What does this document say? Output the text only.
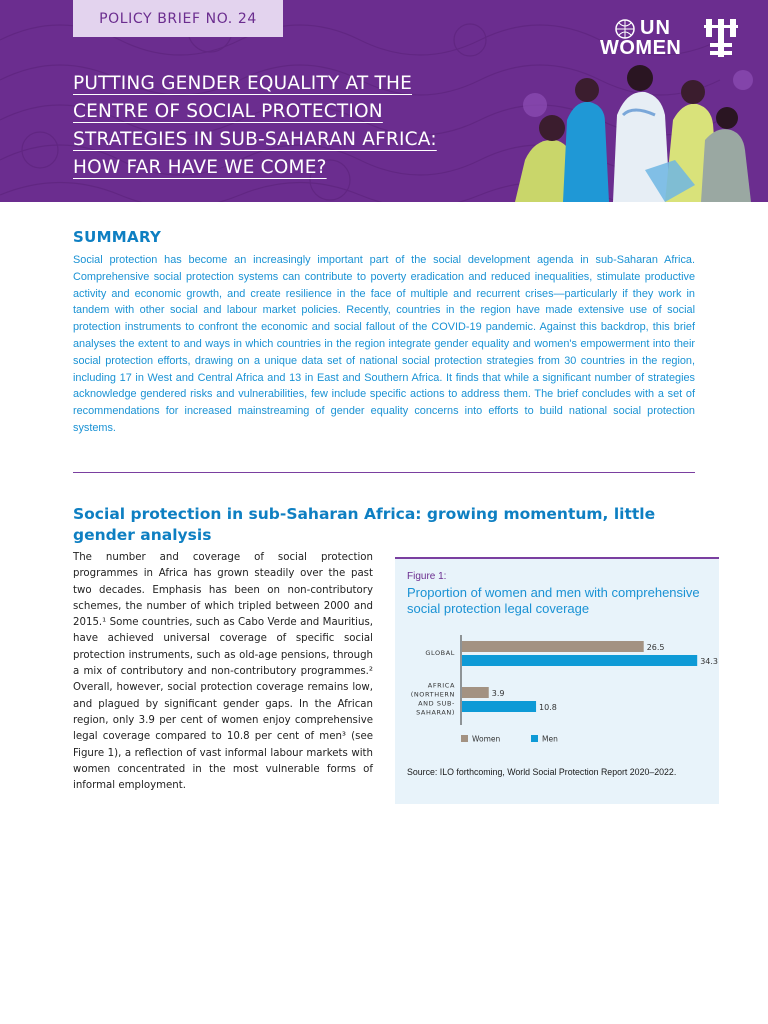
POLICY BRIEF NO. 24
PUTTING GENDER EQUALITY AT THE
CENTRE OF SOCIAL PROTECTION
STRATEGIES IN SUB-SAHARAN AFRICA:
HOW FAR HAVE WE COME?
UN
WOMEN
SUMMARY

Social protection has become an increasingly important part of the social development agenda in sub-Saharan Africa. Comprehensive social protection systems can contribute to poverty eradication and reduced inequalities, stimulate productive activity and economic growth, and create resilience in the face of multiple and recurrent crises—particularly if they work in tandem with other social and labour market policies. Recently, countries in the region have made extensive use of social protection instruments to confront the economic and social fallout of the COVID-19 pandemic. Against this backdrop, this brief analyses the extent to and ways in which countries in the region integrate gender equality and women's empowerment into their social protection efforts, drawing on a unique data set of national social protection strategies from 30 countries in the region, including 17 in West and Central Africa and 13 in East and Southern Africa. It finds that while a significant number of strategies acknowledge gendered risks and vulnerabilities, few include specific actions to address them. The brief concludes with a set of recommendations for increased mainstreaming of gender equality concerns into efforts to build national social protection systems.

Social protection in sub-Saharan Africa: growing momentum, little gender analysis

The number and coverage of social protection programmes in Africa has grown steadily over the past two decades. Emphasis has been on non-contributory schemes, the number of which tripled between 2000 and 2015.¹ Some countries, such as Cabo Verde and Mauritius, have achieved universal coverage of specific social protection instruments, such as old-age pensions, through a mix of contributory and non-contributory programmes.² Overall, however, social protection coverage remains low, and plagued by significant gender gaps. In the African region, only 3.9 per cent of women enjoy comprehensive legal coverage compared to 10.8 per cent of men³ (see Figure 1), a reflection of vast informal labour markets with women concentrated in the most vulnerable forms of informal employment.

Figure 1:
Proportion of women and men with comprehensive social protection legal coverage
GLOBAL
26.5
34.3
AFRICA
(NORTHERN
AND SUB-
SAHARAN)
3.9
10.8
Women	Men
Source: ILO forthcoming, World Social Protection Report 2020–2022.
